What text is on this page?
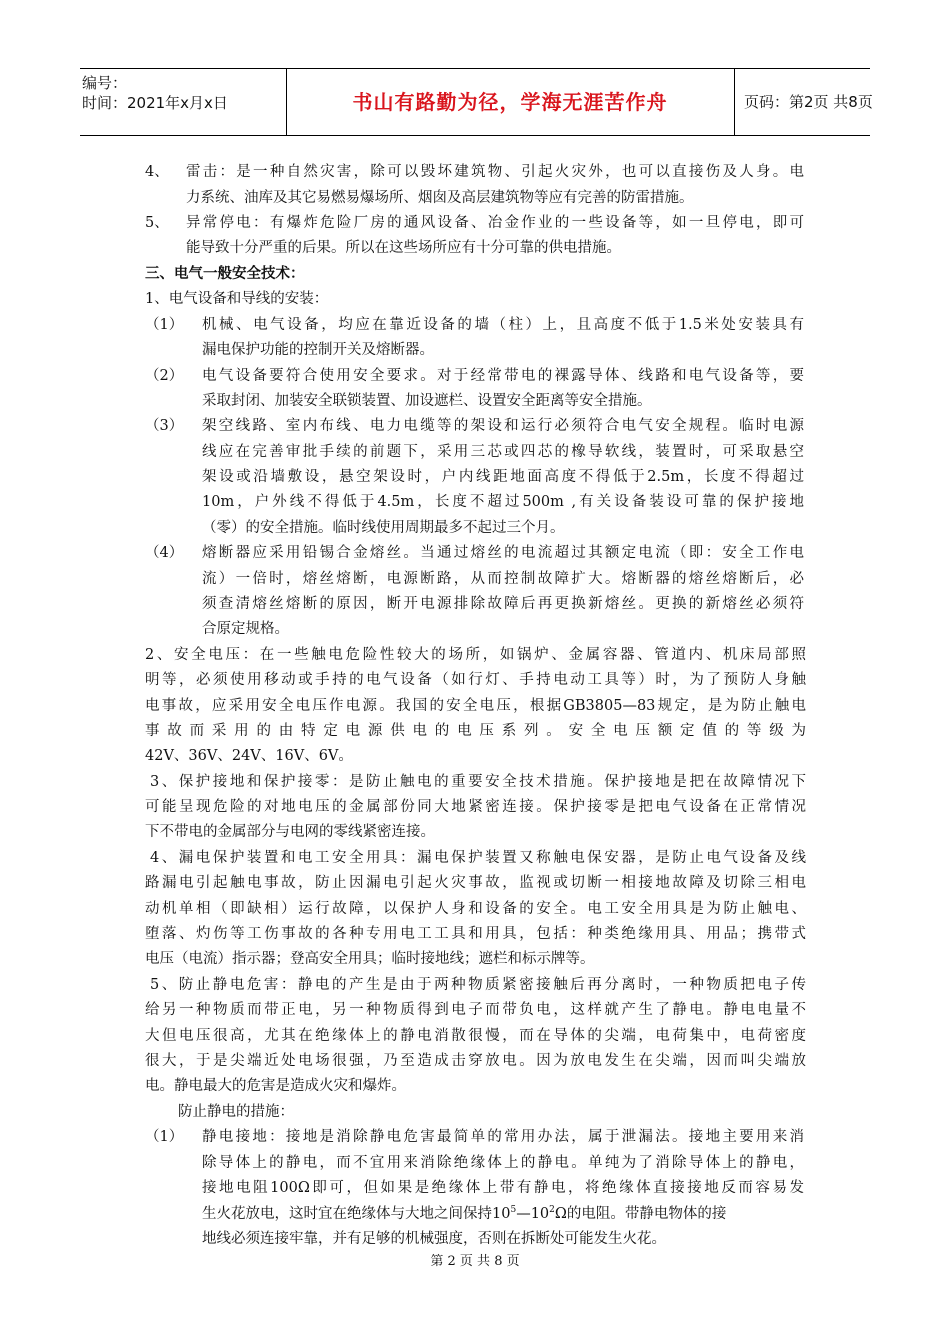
编号：
时间：2021年x月x日	书山有路勤为径，学海无涯苦作舟	页码：第2页 共8页
4、 雷击：是一种自然灾害，除可以毁坏建筑物、引起火灾外，也可以直接伤及人身。电
力系统、油库及其它易燃易爆场所、烟囱及高层建筑物等应有完善的防雷措施。
5、 异常停电：有爆炸危险厂房的通风设备、冶金作业的一些设备等，如一旦停电，即可
能导致十分严重的后果。所以在这些场所应有十分可靠的供电措施。
三、电气一般安全技术：
1、电气设备和导线的安装：
（1） 机械、电气设备，均应在靠近设备的墙（柱）上，且高度不低于1.5米处安装具有
漏电保护功能的控制开关及熔断器。
（2） 电气设备要符合使用安全要求。对于经常带电的裸露导体、线路和电气设备等，要
采取封闭、加装安全联锁装置、加设遮栏、设置安全距离等安全措施。
（3） 架空线路、室内布线、电力电缆等的架设和运行必须符合电气安全规程。临时电源
线应在完善审批手续的前题下，采用三芯或四芯的橡导软线，装置时，可采取悬空
架设或沿墙敷设，悬空架设时，户内线距地面高度不得低于2.5m，长度不得超过
10m，户外线不得低于4.5m，长度不超过500m ,有关设备装设可靠的保护接地
（零）的安全措施。临时线使用周期最多不起过三个月。
（4） 熔断器应采用铅锡合金熔丝。当通过熔丝的电流超过其额定电流（即：安全工作电
流）一倍时，熔丝熔断，电源断路，从而控制故障扩大。熔断器的熔丝熔断后，必
须查清熔丝熔断的原因，断开电源排除故障后再更换新熔丝。更换的新熔丝必须符
合原定规格。
2、安全电压：在一些触电危险性较大的场所，如锅炉、金属容器、管道内、机床局部照
明等，必须使用移动或手持的电气设备（如行灯、手持电动工具等）时，为了预防人身触
电事故，应采用安全电压作电源。我国的安全电压，根据GB3805—83规定，是为防止触电
事故而采用的由特定电源供电的电压系列。安全电压额定值的等级为
42V、36V、24V、16V、6V。
3、保护接地和保护接零：是防止触电的重要安全技术措施。保护接地是把在故障情况下
可能呈现危险的对地电压的金属部份同大地紧密连接。保护接零是把电气设备在正常情况
下不带电的金属部分与电网的零线紧密连接。
4、漏电保护装置和电工安全用具：漏电保护装置又称触电保安器，是防止电气设备及线
路漏电引起触电事故，防止因漏电引起火灾事故，监视或切断一相接地故障及切除三相电
动机单相（即缺相）运行故障，以保护人身和设备的安全。电工安全用具是为防止触电、
堕落、灼伤等工伤事故的各种专用电工工具和用具，包括：种类绝缘用具、用品；携带式
电压（电流）指示器；登高安全用具；临时接地线；遮栏和标示牌等。
5、防止静电危害：静电的产生是由于两种物质紧密接触后再分离时，一种物质把电子传
给另一种物质而带正电，另一种物质得到电子而带负电，这样就产生了静电。静电电量不
大但电压很高，尤其在绝缘体上的静电消散很慢，而在导体的尖端，电荷集中，电荷密度
很大，于是尖端近处电场很强，乃至造成击穿放电。因为放电发生在尖端，因而叫尖端放
电。静电最大的危害是造成火灾和爆炸。
防止静电的措施：
（1） 静电接地：接地是消除静电危害最简单的常用办法，属于泄漏法。接地主要用来消
除导体上的静电，而不宜用来消除绝缘体上的静电。单纯为了消除导体上的静电，
接地电阻100Ω即可，但如果是绝缘体上带有静电，将绝缘体直接接地反而容易发
生火花放电，这时宜在绝缘体与大地之间保持$10^5—10^2\Omega$的电阻。带静电物体的接
地线必须连接牢靠，并有足够的机械强度，否则在拆断处可能发生火花。
第 2 页 共 8 页
